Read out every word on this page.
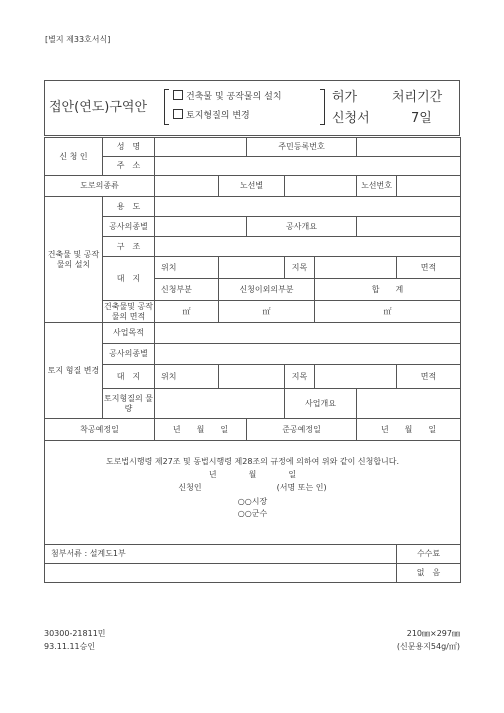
[별지 제33호서식]
접안(연도)구역안
건축물 및 공작물의 설치
토지형질의 변경
허가
신청서
처리기간
7일
신 청 인	성　명			주민등록번호					
	주　소								
도로의종류			노선별				노선번호		
건축물 및 공작물의 설치	용　도								
	공사의종별			공사개요					
	구　조								
	대　지	위치			지목			면적	
		신청부분	신청이외의부분			합　　계			
	건축물및 공작물의 면적	㎡	㎡			㎡			
토지 형질 변경	사업목적								
	공사의종별								
	대　지	위치			지목			면적	
	토지형질의 물　량				사업개요				
착공예정일		년　　월　　일		준공예정일			년　　월　　일		

도로법시행령 제27조 및 동법시행령 제28조의 규정에 의하여 위와 같이 신청합니다.
년　　　　월　　　　일
신청인 (서명 또는 인)
○○시장
○○군수									

첨부서류 : 설계도1부								수수료	
								없　음	
30300-21811민
93.11.11승인
210㎜×297㎜
(신문용지54g/㎡)
